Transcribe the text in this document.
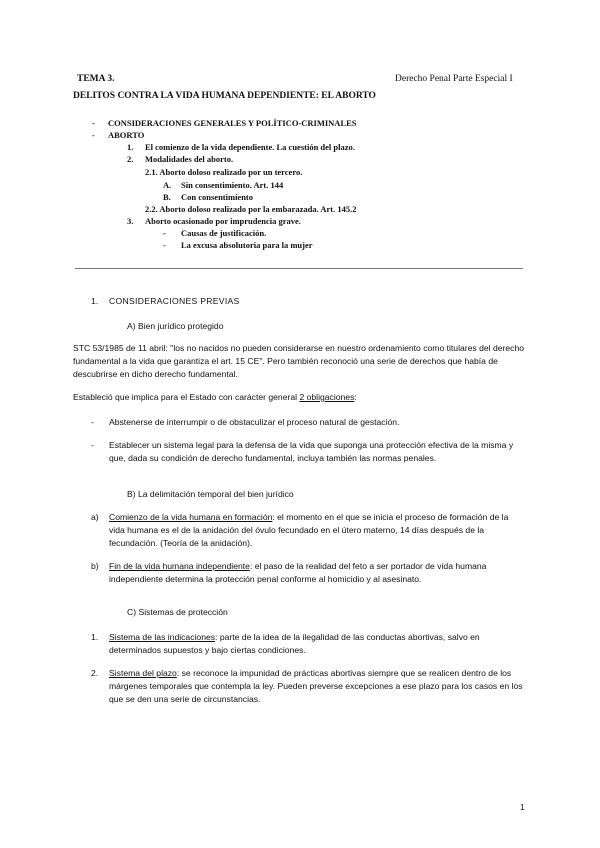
TEMA 3.	Derecho Penal Parte Especial I
DELITOS CONTRA LA VIDA HUMANA DEPENDIENTE: EL ABORTO
- CONSIDERACIONES GENERALES Y POLÍTICO-CRIMINALES
- ABORTO
1. El comienzo de la vida dependiente. La cuestión del plazo.
2. Modalidades del aborto.
2.1. Aborto doloso realizado por un tercero.
A. Sin consentimiento. Art. 144
B. Con consentimiento
2.2. Aborto doloso realizado por la embarazada. Art. 145.2
3. Aborto ocasionado por imprudencia grave.
- Causas de justificación.
- La excusa absolutoria para la mujer
1. CONSIDERACIONES PREVIAS
A) Bien jurídico protegido
STC 53/1985 de 11 abril: "los no nacidos no pueden considerarse en nuestro ordenamiento como titulares del derecho fundamental a la vida que garantiza el art. 15 CE". Pero también reconoció una serie de derechos que había de descubrirse en dicho derecho fundamental.
Estableció que implica para el Estado con carácter general 2 obligaciones:
- Abstenerse de interrumpir o de obstaculizar el proceso natural de gestación.
- Establecer un sistema legal para la defensa de la vida que suponga una protección efectiva de la misma y que, dada su condición de derecho fundamental, incluya también las normas penales.
B) La delimitación temporal del bien jurídico
a) Comienzo de la vida humana en formación: el momento en el que se inicia el proceso de formación de la vida humana es el de la anidación del óvulo fecundado en el útero materno, 14 días después de la fecundación. (Teoría de la anidación).
b) Fin de la vida humana independiente: el paso de la realidad del feto a ser portador de vida humana independiente determina la protección penal conforme al homicidio y al asesinato.
C) Sistemas de protección
1. Sistema de las indicaciones: parte de la idea de la ilegalidad de las conductas abortivas, salvo en determinados supuestos y bajo ciertas condiciones.
2. Sistema del plazo: se reconoce la impunidad de prácticas abortivas siempre que se realicen dentro de los márgenes temporales que contempla la ley. Pueden preverse excepciones a ese plazo para los casos en los que se den una serie de circunstancias.
1
